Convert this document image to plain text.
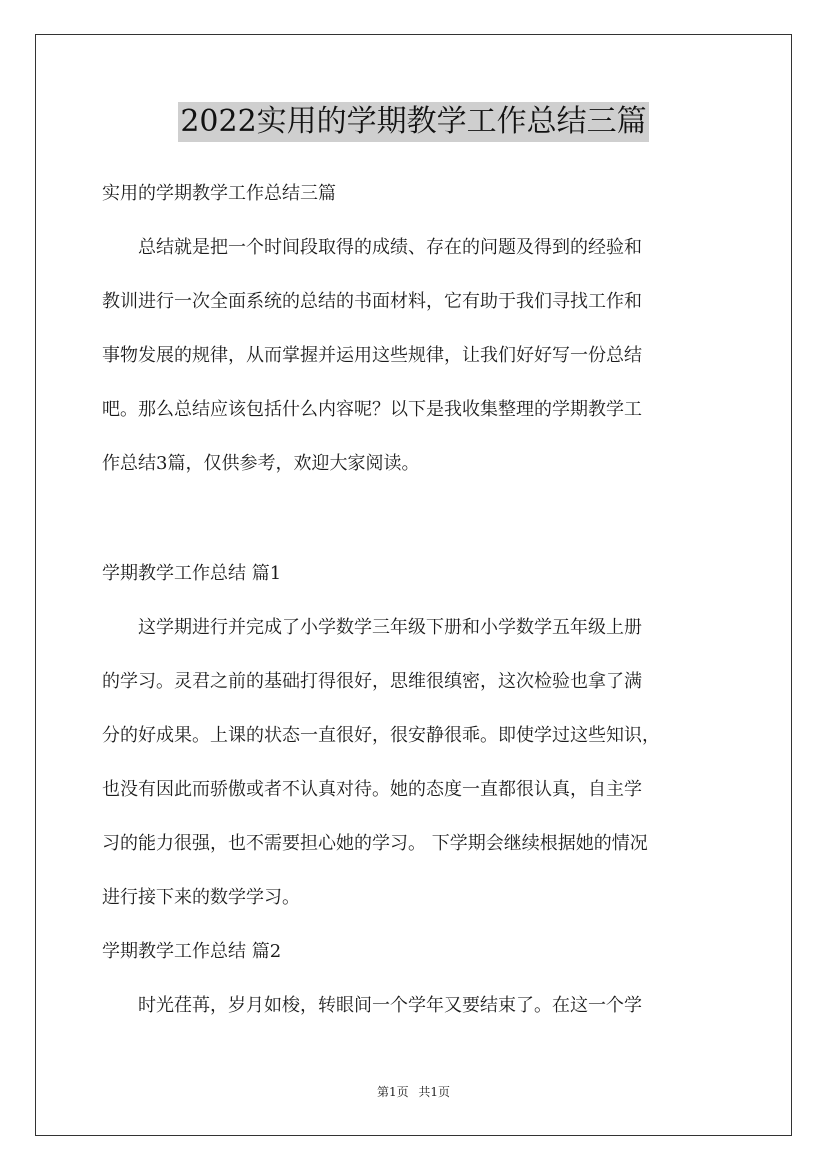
2022实用的学期教学工作总结三篇
实用的学期教学工作总结三篇
　　总结就是把一个时间段取得的成绩、存在的问题及得到的经验和
教训进行一次全面系统的总结的书面材料，它有助于我们寻找工作和
事物发展的规律，从而掌握并运用这些规律，让我们好好写一份总结
吧。那么总结应该包括什么内容呢？以下是我收集整理的学期教学工
作总结3篇，仅供参考，欢迎大家阅读。
学期教学工作总结 篇1
　　这学期进行并完成了小学数学三年级下册和小学数学五年级上册
的学习。灵君之前的基础打得很好，思维很缜密，这次检验也拿了满
分的好成果。上课的状态一直很好，很安静很乖。即使学过这些知识，
也没有因此而骄傲或者不认真对待。她的态度一直都很认真，自主学
习的能力很强，也不需要担心她的学习。 下学期会继续根据她的情况
进行接下来的数学学习。
学期教学工作总结 篇2
　　时光荏苒，岁月如梭，转眼间一个学年又要结束了。在这一个学
第1页 共1页
